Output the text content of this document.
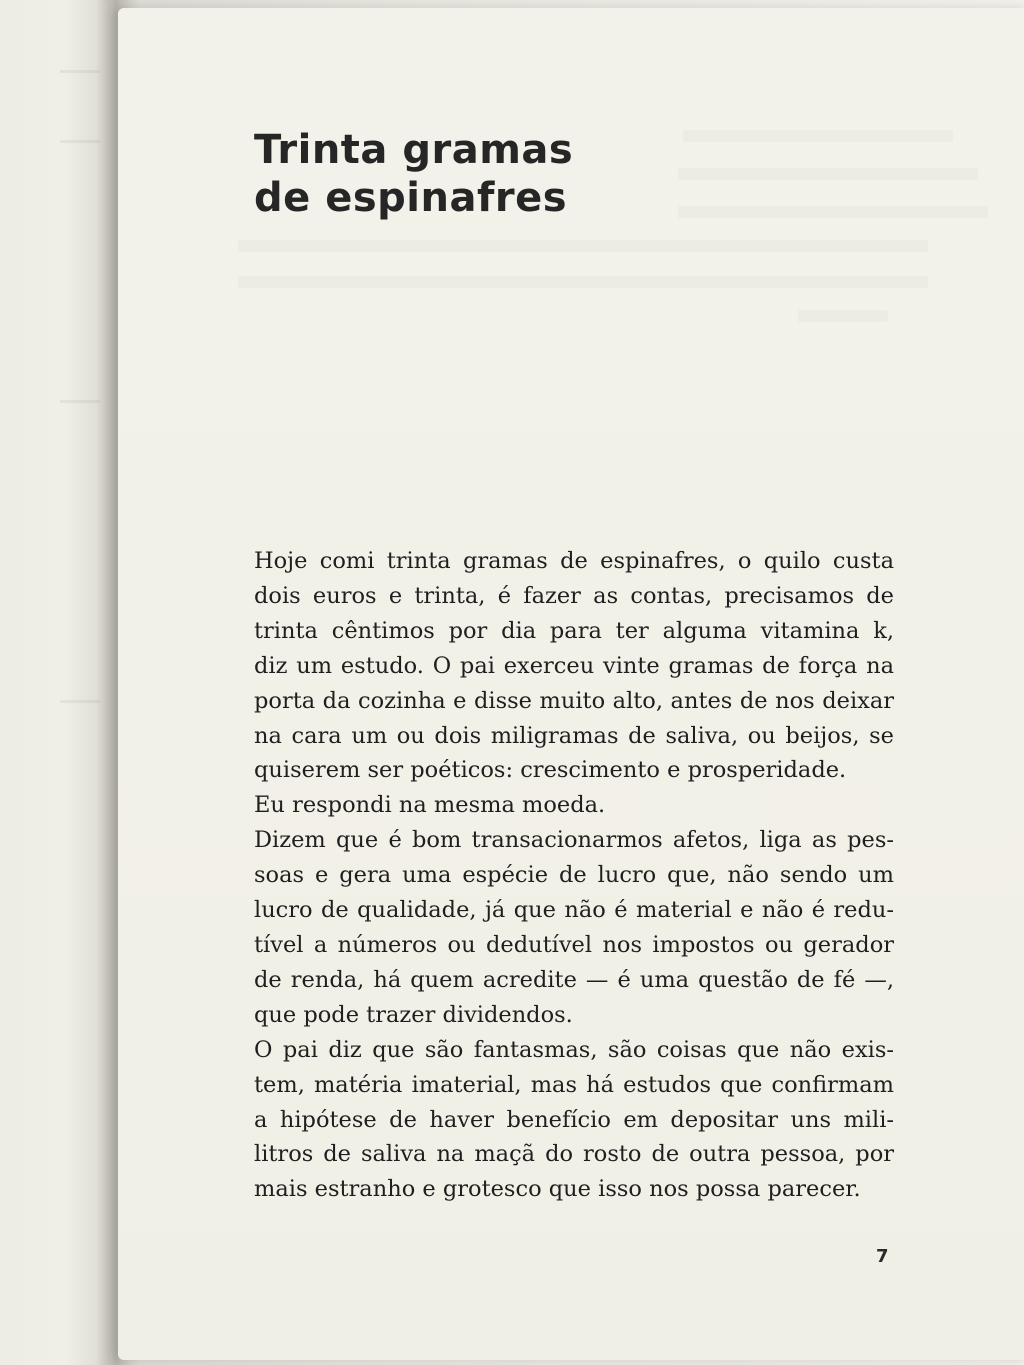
Trinta gramas
de espinafres
Hoje comi trinta gramas de espinafres, o quilo custa
dois euros e trinta, é fazer as contas, precisamos de
trinta cêntimos por dia para ter alguma vitamina k,
diz um estudo. O pai exerceu vinte gramas de força na
porta da cozinha e disse muito alto, antes de nos deixar
na cara um ou dois miligramas de saliva, ou beijos, se
quiserem ser poéticos: crescimento e prosperidade.
Eu respondi na mesma moeda.
Dizem que é bom transacionarmos afetos, liga as pes-
soas e gera uma espécie de lucro que, não sendo um
lucro de qualidade, já que não é material e não é redu-
tível a números ou dedutível nos impostos ou gerador
de renda, há quem acredite — é uma questão de fé —,
que pode trazer dividendos.
O pai diz que são fantasmas, são coisas que não exis-
tem, matéria imaterial, mas há estudos que confirmam
a hipótese de haver benefício em depositar uns mili-
litros de saliva na maçã do rosto de outra pessoa, por
mais estranho e grotesco que isso nos possa parecer.
7
